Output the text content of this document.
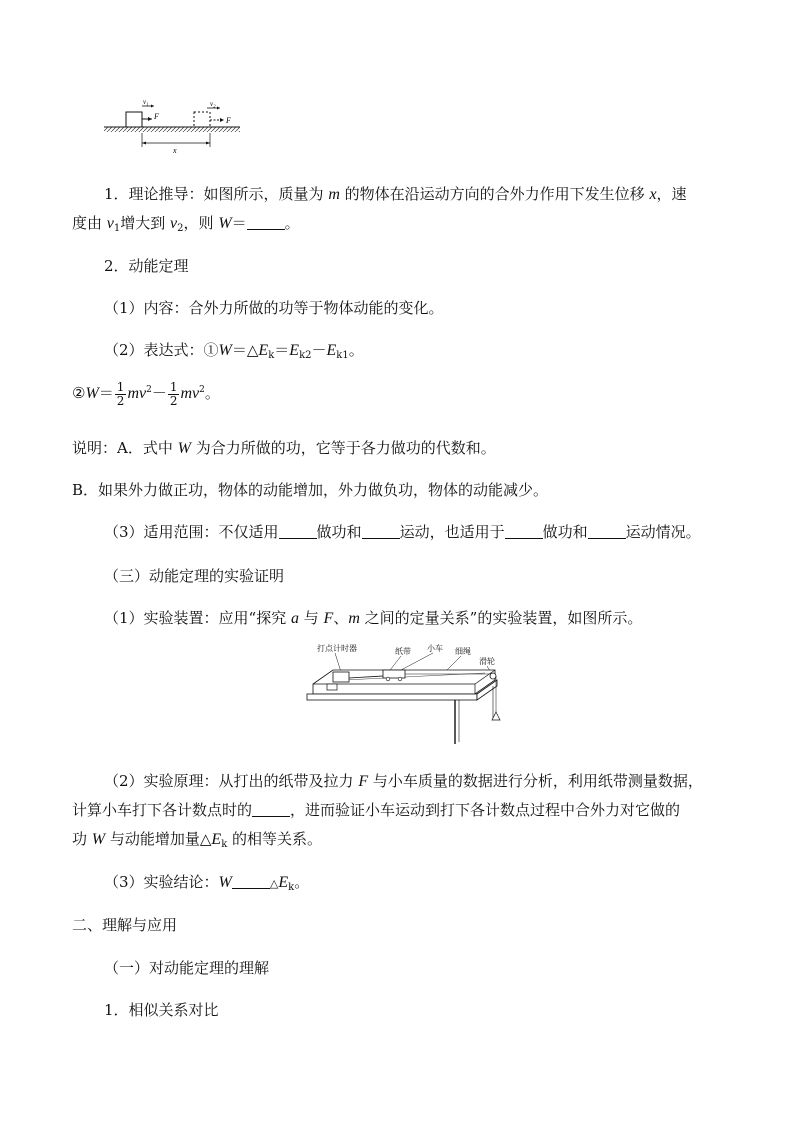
F
v₁
F
v₂
x
1．理论推导：如图所示，质量为 m 的物体在沿运动方向的合外力作用下发生位移 x，速
度由 $v_1$增大到 $v_2$，则 W＝	。
2．动能定理
（1）内容：合外力所做的功等于物体动能的变化。
（2）表达式：$①W=\triangle E_k=E_{k2}-E_{k1}$。
②W＝ $\frac{1}{2} mv^2- \frac{1}{2} mv^2$。
说明：A．式中 W 为合力所做的功，它等于各力做功的代数和。
B．如果外力做正功，物体的动能增加，外力做负功，物体的动能减少。
（3）适用范围：不仅适用	做功和	运动，也适用于	做功和	运动情况。
（三）动能定理的实验证明
（1）实验装置：应用“探究 a 与 F、m 之间的定量关系”的实验装置，如图所示。
打点计时器	纸带 小车 细绳
滑轮
（2）实验原理：从打出的纸带及拉力 F 与小车质量的数据进行分析，利用纸带测量数据，
计算小车打下各计数点时的	，进而验证小车运动到打下各计数点过程中合外力对它做的
功 W 与动能增加量$\triangle E_k$ 的相等关系。
（3）实验结论：W	$\triangle E_k$。
二、理解与应用
（一）对动能定理的理解
1．相似关系对比
